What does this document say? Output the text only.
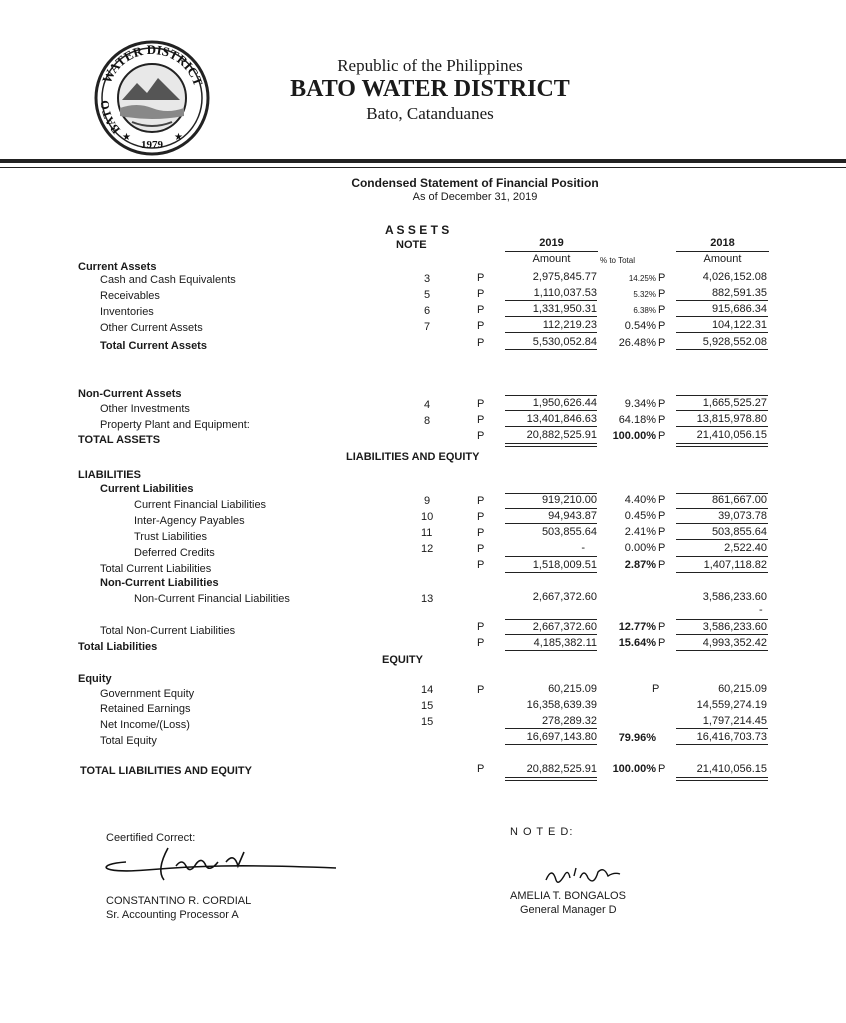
WATER DISTRICT
BATO
1979
★	★
Republic of the Philippines
BATO WATER DISTRICT
Bato, Catanduanes
Condensed Statement of Financial Position
As of December 31, 2019
A S S E T S
NOTE	2019
Amount	% to Total
2018
Amount
Current Assets
Cash and Cash Equivalents	3	P	2,975,845.77	14.25% P	4,026,152.08
Receivables	5	P	1,110,037.53	5.32% P	882,591.35
Inventories	6	P	1,331,950.31	6.38% P	915,686.34
Other Current Assets	7	P	112,219.23	0.54% P	104,122.31
Total Current Assets	P	5,530,052.84	26.48% P	5,928,552.08
Non-Current Assets
Other Investments	4	P	1,950,626.44	9.34% P	1,665,525.27
Property Plant and Equipment:	8	P	13,401,846.63	64.18% P	13,815,978.80
TOTAL ASSETS	P	20,882,525.91	100.00% P	21,410,056.15
LIABILITIES AND EQUITY
LIABILITIES
Current Liabilities
Current Financial Liabilities	9	P	919,210.00	4.40% P	861,667.00
Inter-Agency Payables	10	P	94,943.87	0.45% P	39,073.78
Trust Liabilities	11	P	503,855.64	2.41% P	503,855.64
Deferred Credits	12	P	-	0.00% P	2,522.40
Total Current Liabilities	P	1,518,009.51	2.87% P	1,407,118.82
Non-Current Liabilities
Non-Current Financial Liabilities	13	2,667,372.60	3,586,233.60
-
Total Non-Current Liabilities	P	2,667,372.60	12.77% P	3,586,233.60
Total Liabilities	P	4,185,382.11	15.64% P	4,993,352.42
EQUITY
Equity
Government Equity	14	P	60,215.09	P	60,215.09
Retained Earnings	15	16,358,639.39	14,559,274.19
Net Income/(Loss)	15	278,289.32	1,797,214.45
Total Equity	16,697,143.80	79.96%	16,416,703.73
TOTAL LIABILITIES AND EQUITY	P	20,882,525.91	100.00% P	21,410,056.15
Ceertified Correct:
CONSTANTINO R. CORDIAL
Sr. Accounting Processor A
N O T E D:
AMELIA T. BONGALOS
General Manager D
